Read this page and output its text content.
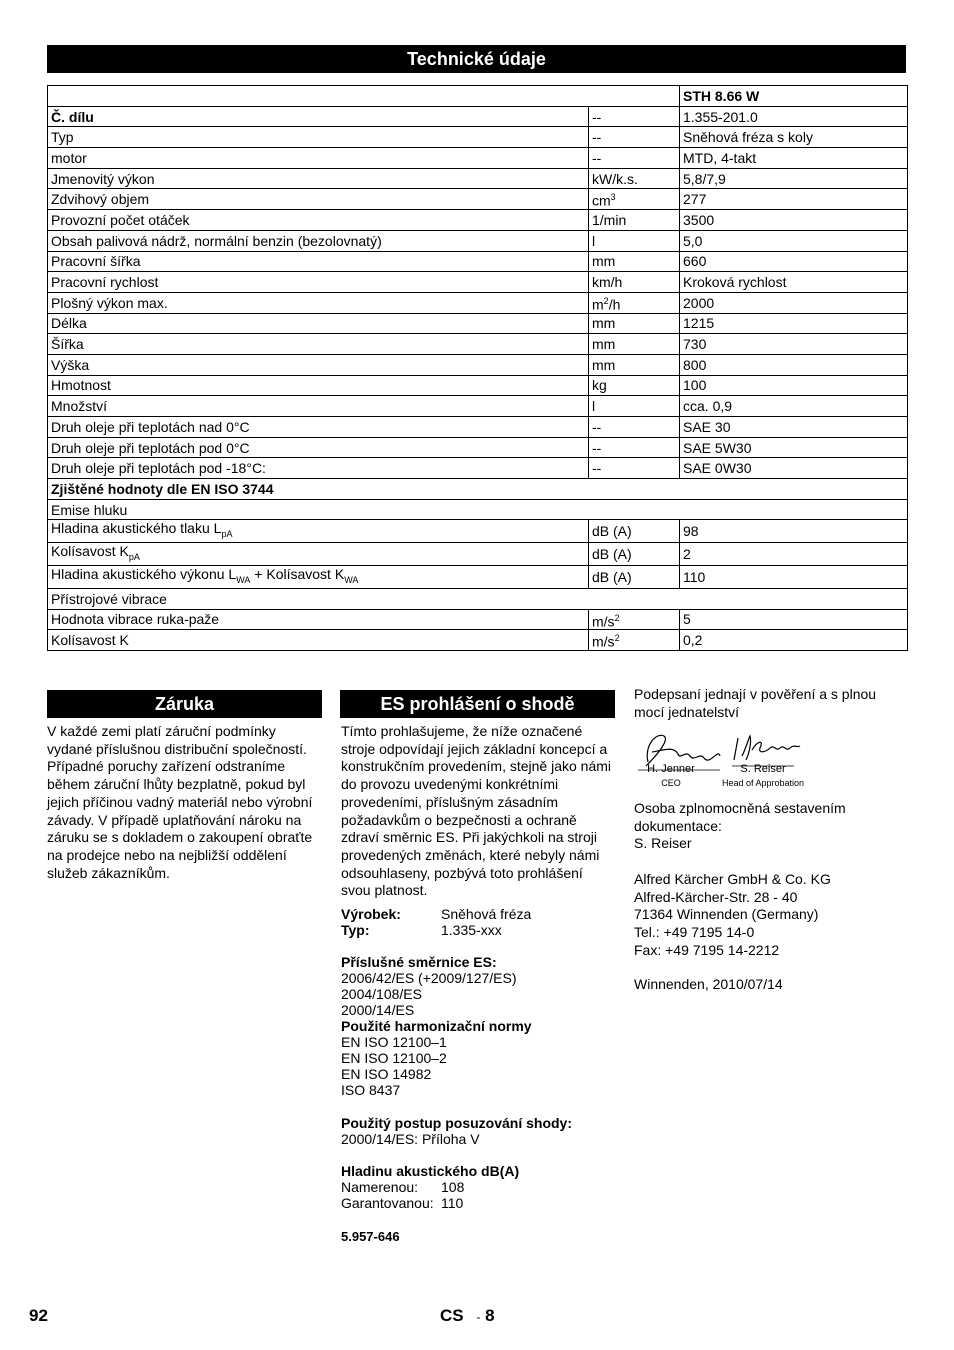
Technické údaje
		STH 8.66 W
Č. dílu	--	1.355-201.0
Typ	--	Sněhová fréza s koly
motor	--	MTD, 4-takt
Jmenovitý výkon	kW/k.s.	5,8/7,9
Zdvihový objem	$cm^3$	277
Provozní počet otáček	1/min	3500
Obsah palivová nádrž, normální benzin (bezolovnatý)	l	5,0
Pracovní šířka	mm	660
Pracovní rychlost	km/h	Kroková rychlost
Plošný výkon max.	$m^2/h$	2000
Délka	mm	1215
Šířka	mm	730
Výška	mm	800
Hmotnost	kg	100
Množství	l	cca. 0,9
Druh oleje při teplotách nad 0°C	--	SAE 30
Druh oleje při teplotách pod 0°C	--	SAE 5W30
Druh oleje při teplotách pod -18°C:	--	SAE 0W30
Zjištěné hodnoty dle EN ISO 3744		
Emise hluku		
Hladina akustického tlaku $L_{pA}$	dB (A)	98
Kolísavost $K_{pA}$	dB (A)	2
Hladina akustického výkonu $L_{WA}$ + Kolísavost $K_{WA}$	dB (A)	110
Přístrojové vibrace		
Hodnota vibrace ruka-paže	$m/s^2$	5
Kolísavost K	$m/s^2$	0,2
Záruka
V každé zemi platí záruční podmínky vydané příslušnou distribuční společností. Případné poruchy zařízení odstraníme během záruční lhůty bezplatně, pokud byl jejich příčinou vadný materiál nebo výrobní závady. V případě uplatňování nároku na záruku se s dokladem o zakoupení obraťte na prodejce nebo na nejbližší oddělení služeb zákazníkům.
ES prohlášení o shodě
Tímto prohlašujeme, že níže označené stroje odpovídají jejich základní koncepcí a konstrukčním provedením, stejně jako námi do provozu uvedenými konkrétními provedeními, příslušným zásadním požadavkům o bezpečnosti a ochraně zdraví směrnic ES. Při jakýchkoli na stroji provedených změnách, které nebyly námi odsouhlaseny, pozbývá toto prohlášení svou platnost.
Výrobek:	Sněhová fréza
Typ:	1.335-xxx
Příslušné směrnice ES:
2006/42/ES (+2009/127/ES)
2004/108/ES
2000/14/ES
Použité harmonizační normy
EN ISO 12100–1
EN ISO 12100–2
EN ISO 14982
ISO 8437
Použitý postup posuzování shody:
2000/14/ES: Příloha V
Hladinu akustického dB(A)
Namerenou: 108
Garantovanou: 110
5.957-646
Podepsaní jednají v pověření a s plnou mocí jednatelství
H. Jenner
CEO
S. Reiser
Head of Approbation
Osoba zplnomocněná sestavením dokumentace:
S. Reiser
Alfred Kärcher GmbH & Co. KG
Alfred-Kärcher-Str. 28 - 40
71364 Winnenden (Germany)
Tel.: +49 7195 14-0
Fax: +49 7195 14-2212
Winnenden, 2010/07/14
92	CS - 8
